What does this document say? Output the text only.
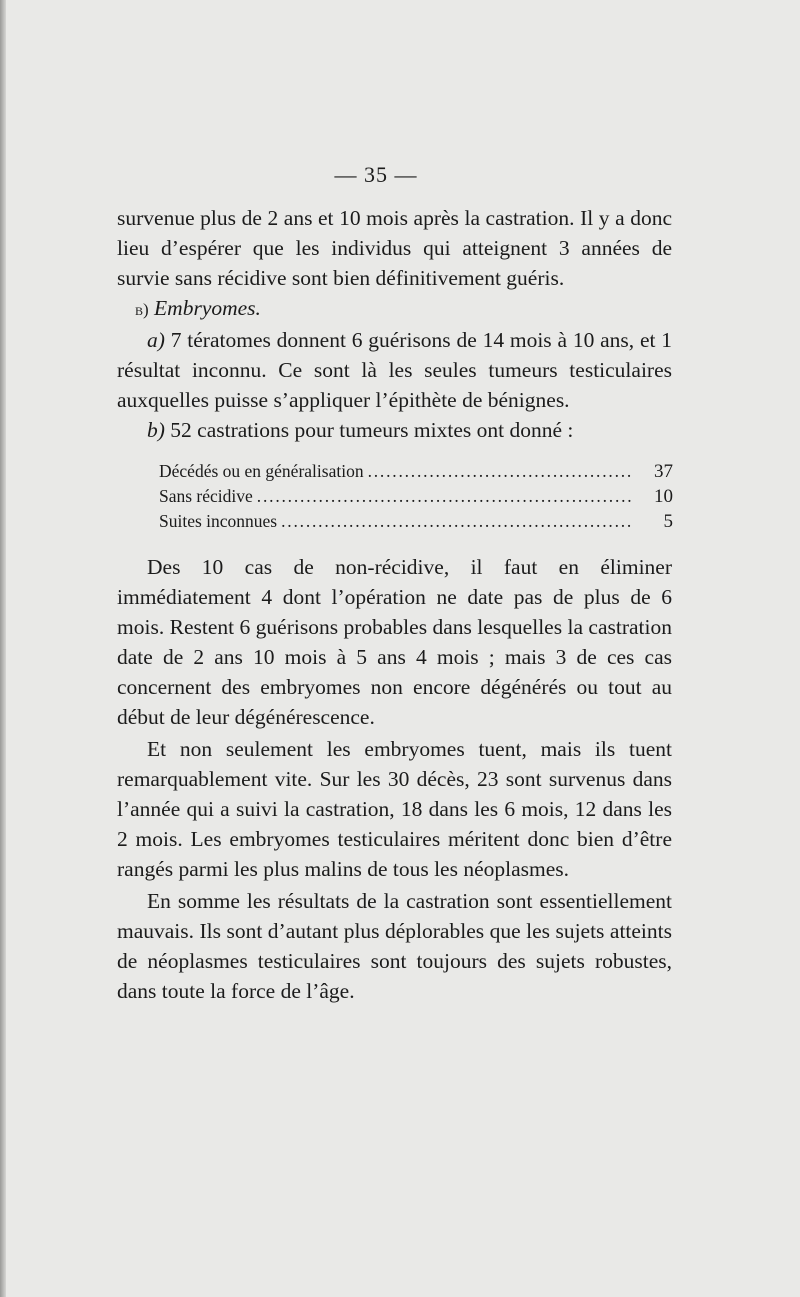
— 35 —

survenue plus de 2 ans et 10 mois après la castration. Il y a donc lieu d’espérer que les individus qui atteignent 3 années de survie sans récidive sont bien définitivement guéris.

b) Embryomes.

a) 7 tératomes donnent 6 guérisons de 14 mois à 10 ans, et 1 résultat inconnu. Ce sont là les seules tumeurs testiculaires auxquelles puisse s’appliquer l’épithète de bénignes.

b) 52 castrations pour tumeurs mixtes ont donné :

Décédés ou en généralisation .....	37
Sans récidive .....	10
Suites inconnues .....	5

Des 10 cas de non-récidive, il faut en éliminer immédiatement 4 dont l’opération ne date pas de plus de 6 mois. Restent 6 guérisons probables dans lesquelles la castration date de 2 ans 10 mois à 5 ans 4 mois ; mais 3 de ces cas concernent des embryomes non encore dégénérés ou tout au début de leur dégénérescence.

Et non seulement les embryomes tuent, mais ils tuent remarquablement vite. Sur les 30 décès, 23 sont survenus dans l’année qui a suivi la castration, 18 dans les 6 mois, 12 dans les 2 mois. Les embryomes testiculaires méritent donc bien d’être rangés parmi les plus malins de tous les néoplasmes.

En somme les résultats de la castration sont essentiellement mauvais. Ils sont d’autant plus déplorables que les sujets atteints de néoplasmes testiculaires sont toujours des sujets robustes, dans toute la force de l’âge.
